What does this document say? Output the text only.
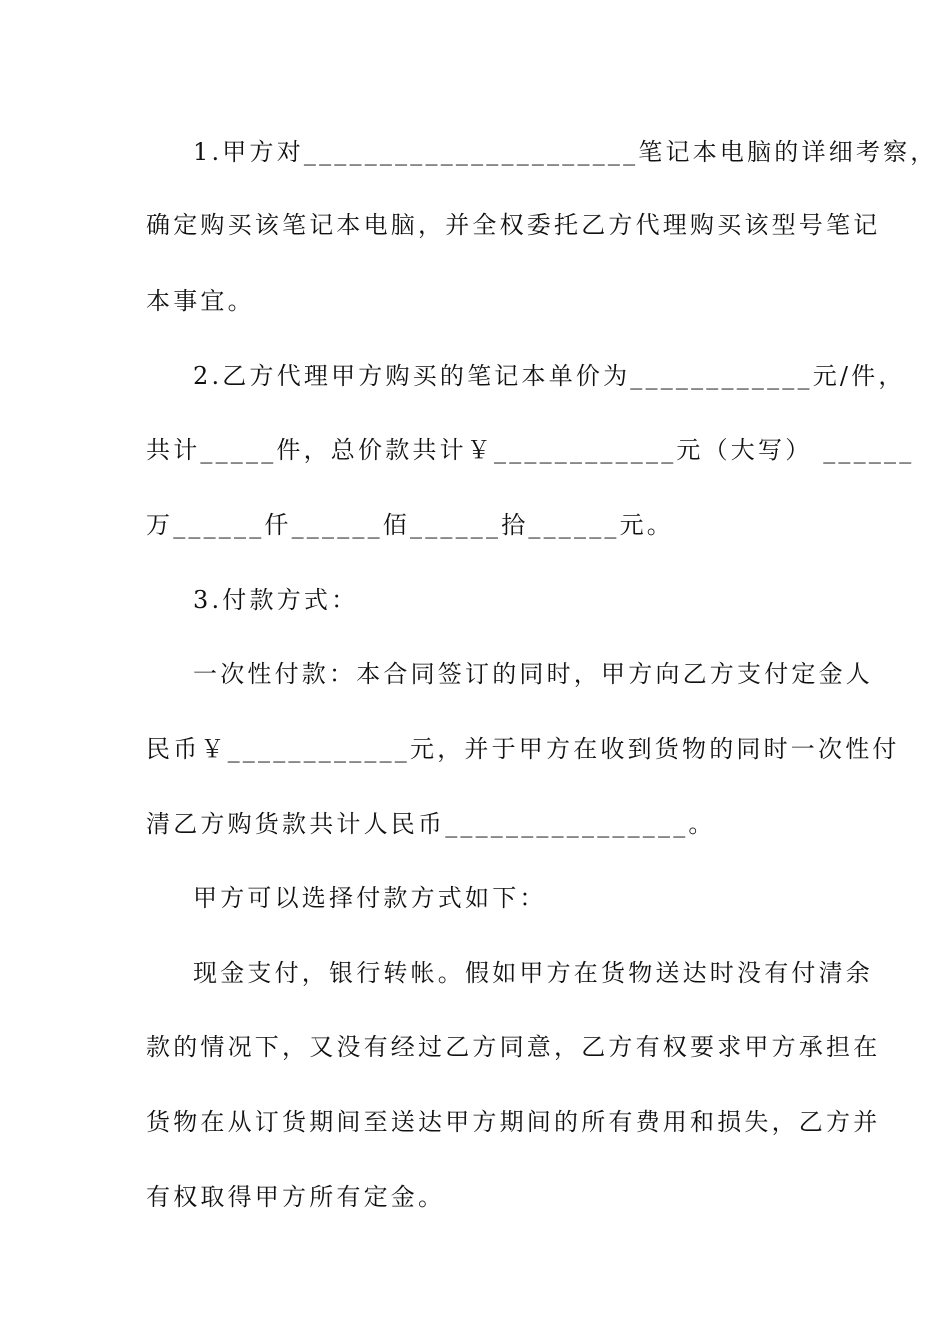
1.甲方对______________________笔记本电脑的详细考察，
确定购买该笔记本电脑，并全权委托乙方代理购买该型号笔记
本事宜。
2.乙方代理甲方购买的笔记本单价为____________元/件，
共计_____件，总价款共计￥____________元（大写） ______
万______仟______佰______拾______元。
3.付款方式：
一次性付款：本合同签订的同时，甲方向乙方支付定金人
民币￥____________元，并于甲方在收到货物的同时一次性付
清乙方购货款共计人民币________________。
甲方可以选择付款方式如下：
现金支付，银行转帐。假如甲方在货物送达时没有付清余
款的情况下，又没有经过乙方同意，乙方有权要求甲方承担在
货物在从订货期间至送达甲方期间的所有费用和损失，乙方并
有权取得甲方所有定金。
